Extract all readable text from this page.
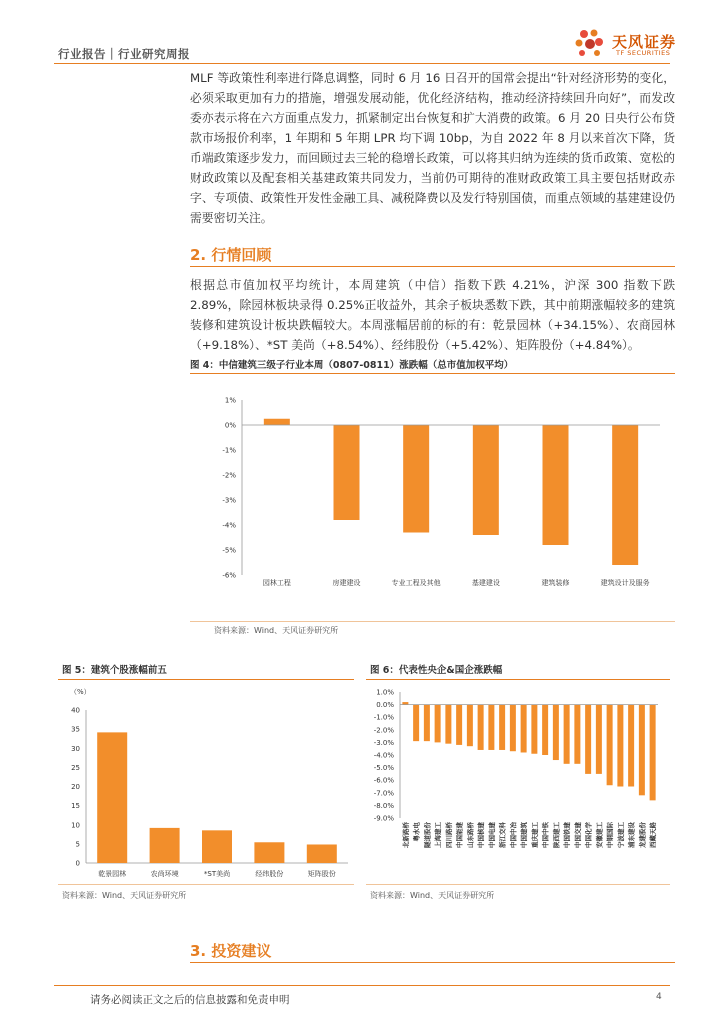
行业报告｜行业研究周报
天风证券
TF SECURITIES
MLF 等政策性利率进行降息调整，同时 6 月 16 日召开的国常会提出“针对经济形势的变化，必须采取更加有力的措施，增强发展动能，优化经济结构，推动经济持续回升向好”，而发改委亦表示将在六方面重点发力，抓紧制定出台恢复和扩大消费的政策。6 月 20 日央行公布贷款市场报价利率，1 年期和 5 年期 LPR 均下调 10bp，为自 2022 年 8 月以来首次下降，货币端政策逐步发力，而回顾过去三轮的稳增长政策，可以将其归纳为连续的货币政策、宽松的财政政策以及配套相关基建政策共同发力，当前仍可期待的准财政政策工具主要包括财政赤字、专项债、政策性开发性金融工具、减税降费以及发行特别国债，而重点领域的基建建设仍需要密切关注。
2. 行情回顾
根据总市值加权平均统计，本周建筑（中信）指数下跌 4.21%，沪深 300 指数下跌 2.89%，除园林板块录得 0.25%正收益外，其余子板块悉数下跌，其中前期涨幅较多的建筑装修和建筑设计板块跌幅较大。本周涨幅居前的标的有：乾景园林（+34.15%）、农商园林（+9.18%）、*ST 美尚（+8.54%）、经纬股份（+5.42%）、矩阵股份（+4.84%）。
图 4：中信建筑三级子行业本周（0807-0811）涨跌幅（总市值加权平均）
1%
0%
-1%
-2%
-3%
-4%
-5%
-6%
园林工程	房建建设	专业工程及其他	基建建设	建筑装修	建筑设计及服务
资料来源：Wind、天风证券研究所
图 5：建筑个股涨幅前五
（%）
40
35
30
25
20
15
10
5
0
乾景园林	农尚环境	*ST美尚	经纬股份	矩阵股份
资料来源：Wind、天风证券研究所
图 6：代表性央企&国企涨跌幅
1.0%
0.0%
-1.0%
-2.0%
-3.0%
-4.0%
-5.0%
-6.0%
-7.0%
-8.0%
-9.0%
北新路桥 粤水电 隧道股份 上海建工 四川路桥 中国能建 山东路桥 中国核建 中国电建 浙江交科 中国中冶 中国建筑 重庆建工 中国中铁 陕西建工 中国铁建 中国交建 中国化学 安徽建工 中钢国际 宁波建工 浦东建设 龙建股份 西藏天路
资料来源：Wind、天风证券研究所
3. 投资建议
请务必阅读正文之后的信息披露和免责申明	4
